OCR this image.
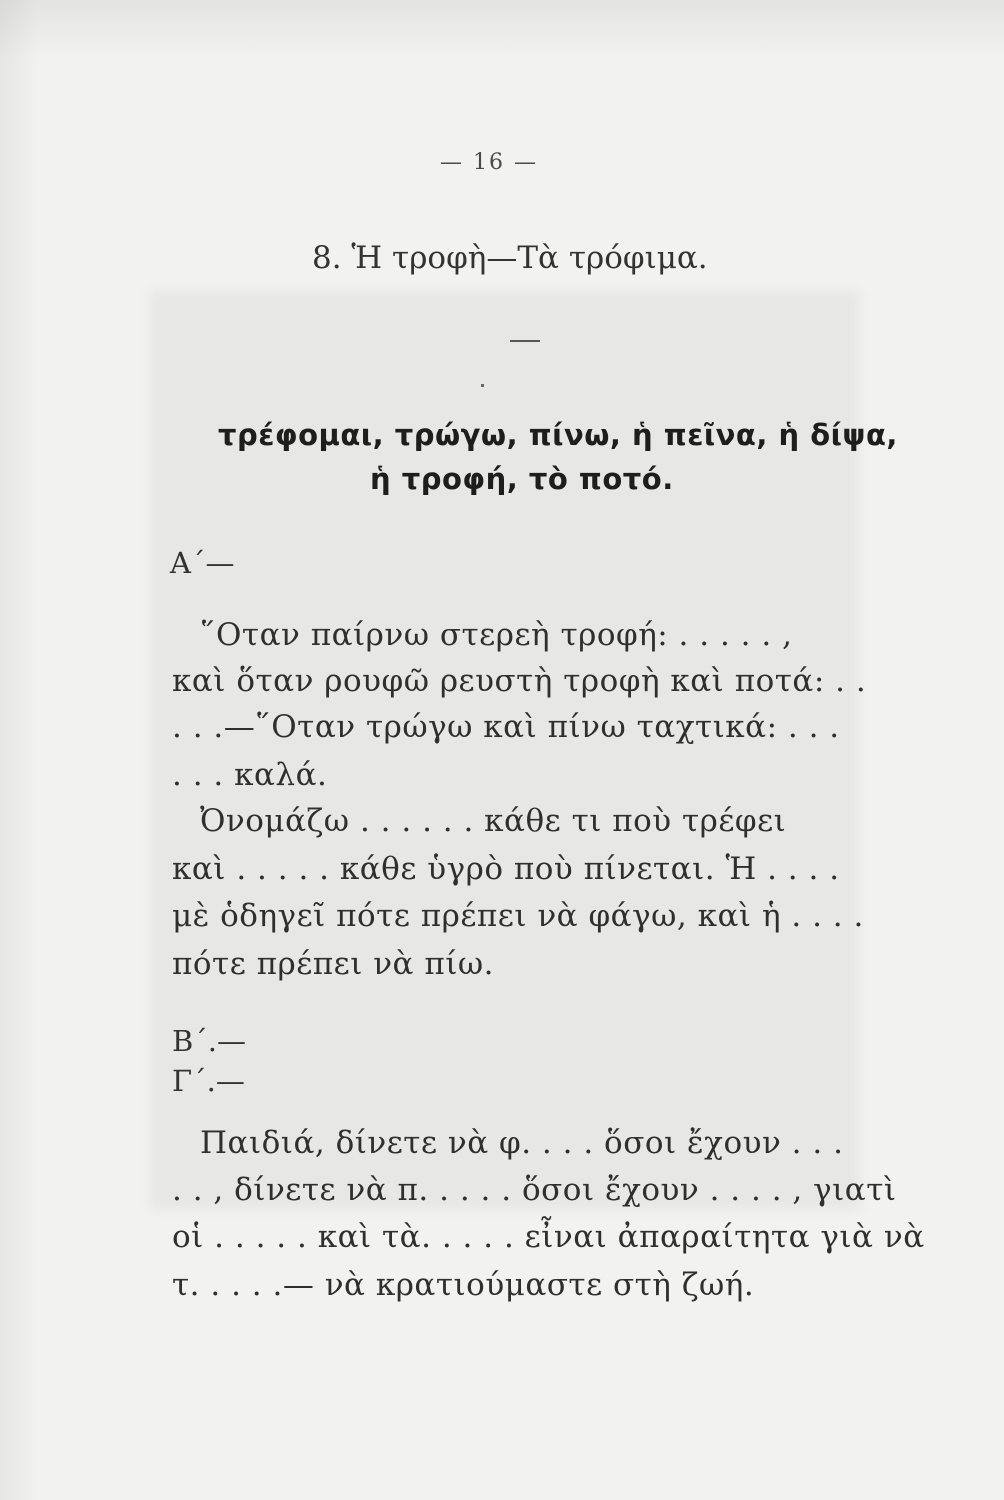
— 16 —
8. Ἡ τροφὴ—Τὰ τρόφιμα.
τρέφομαι, τρώγω, πίνω, ἡ πεῖνα, ἡ δίψα,
ἡ τροφή, τὸ ποτό.
Α΄—
῞Οταν παίρνω στερεὴ τροφή: . . . . . ,
καὶ ὅταν ρουφῶ ρευστὴ τροφὴ καὶ ποτά: . .
. . .—῞Οταν τρώγω καὶ πίνω ταχτικά: . . .
. . . καλά.
Ὀνομάζω . . . . . . κάθε τι ποὺ τρέφει
καὶ . . . . . κάθε ὑγρὸ ποὺ πίνεται. Ἡ . . . .
μὲ ὁδηγεῖ πότε πρέπει νὰ φάγω, καὶ ἡ . . . .
πότε πρέπει νὰ πίω.
Β΄.—
Γ΄.—
Παιδιά, δίνετε νὰ φ. . . . ὅσοι ἔχουν . . .
. . , δίνετε νὰ π. . . . . ὅσοι ἔχουν . . . . , γιατὶ
οἱ . . . . . καὶ τὰ. . . . . εἶναι ἀπαραίτητα γιὰ νὰ
τ. . . . .— νὰ κρατιούμαστε στὴ ζωή.
